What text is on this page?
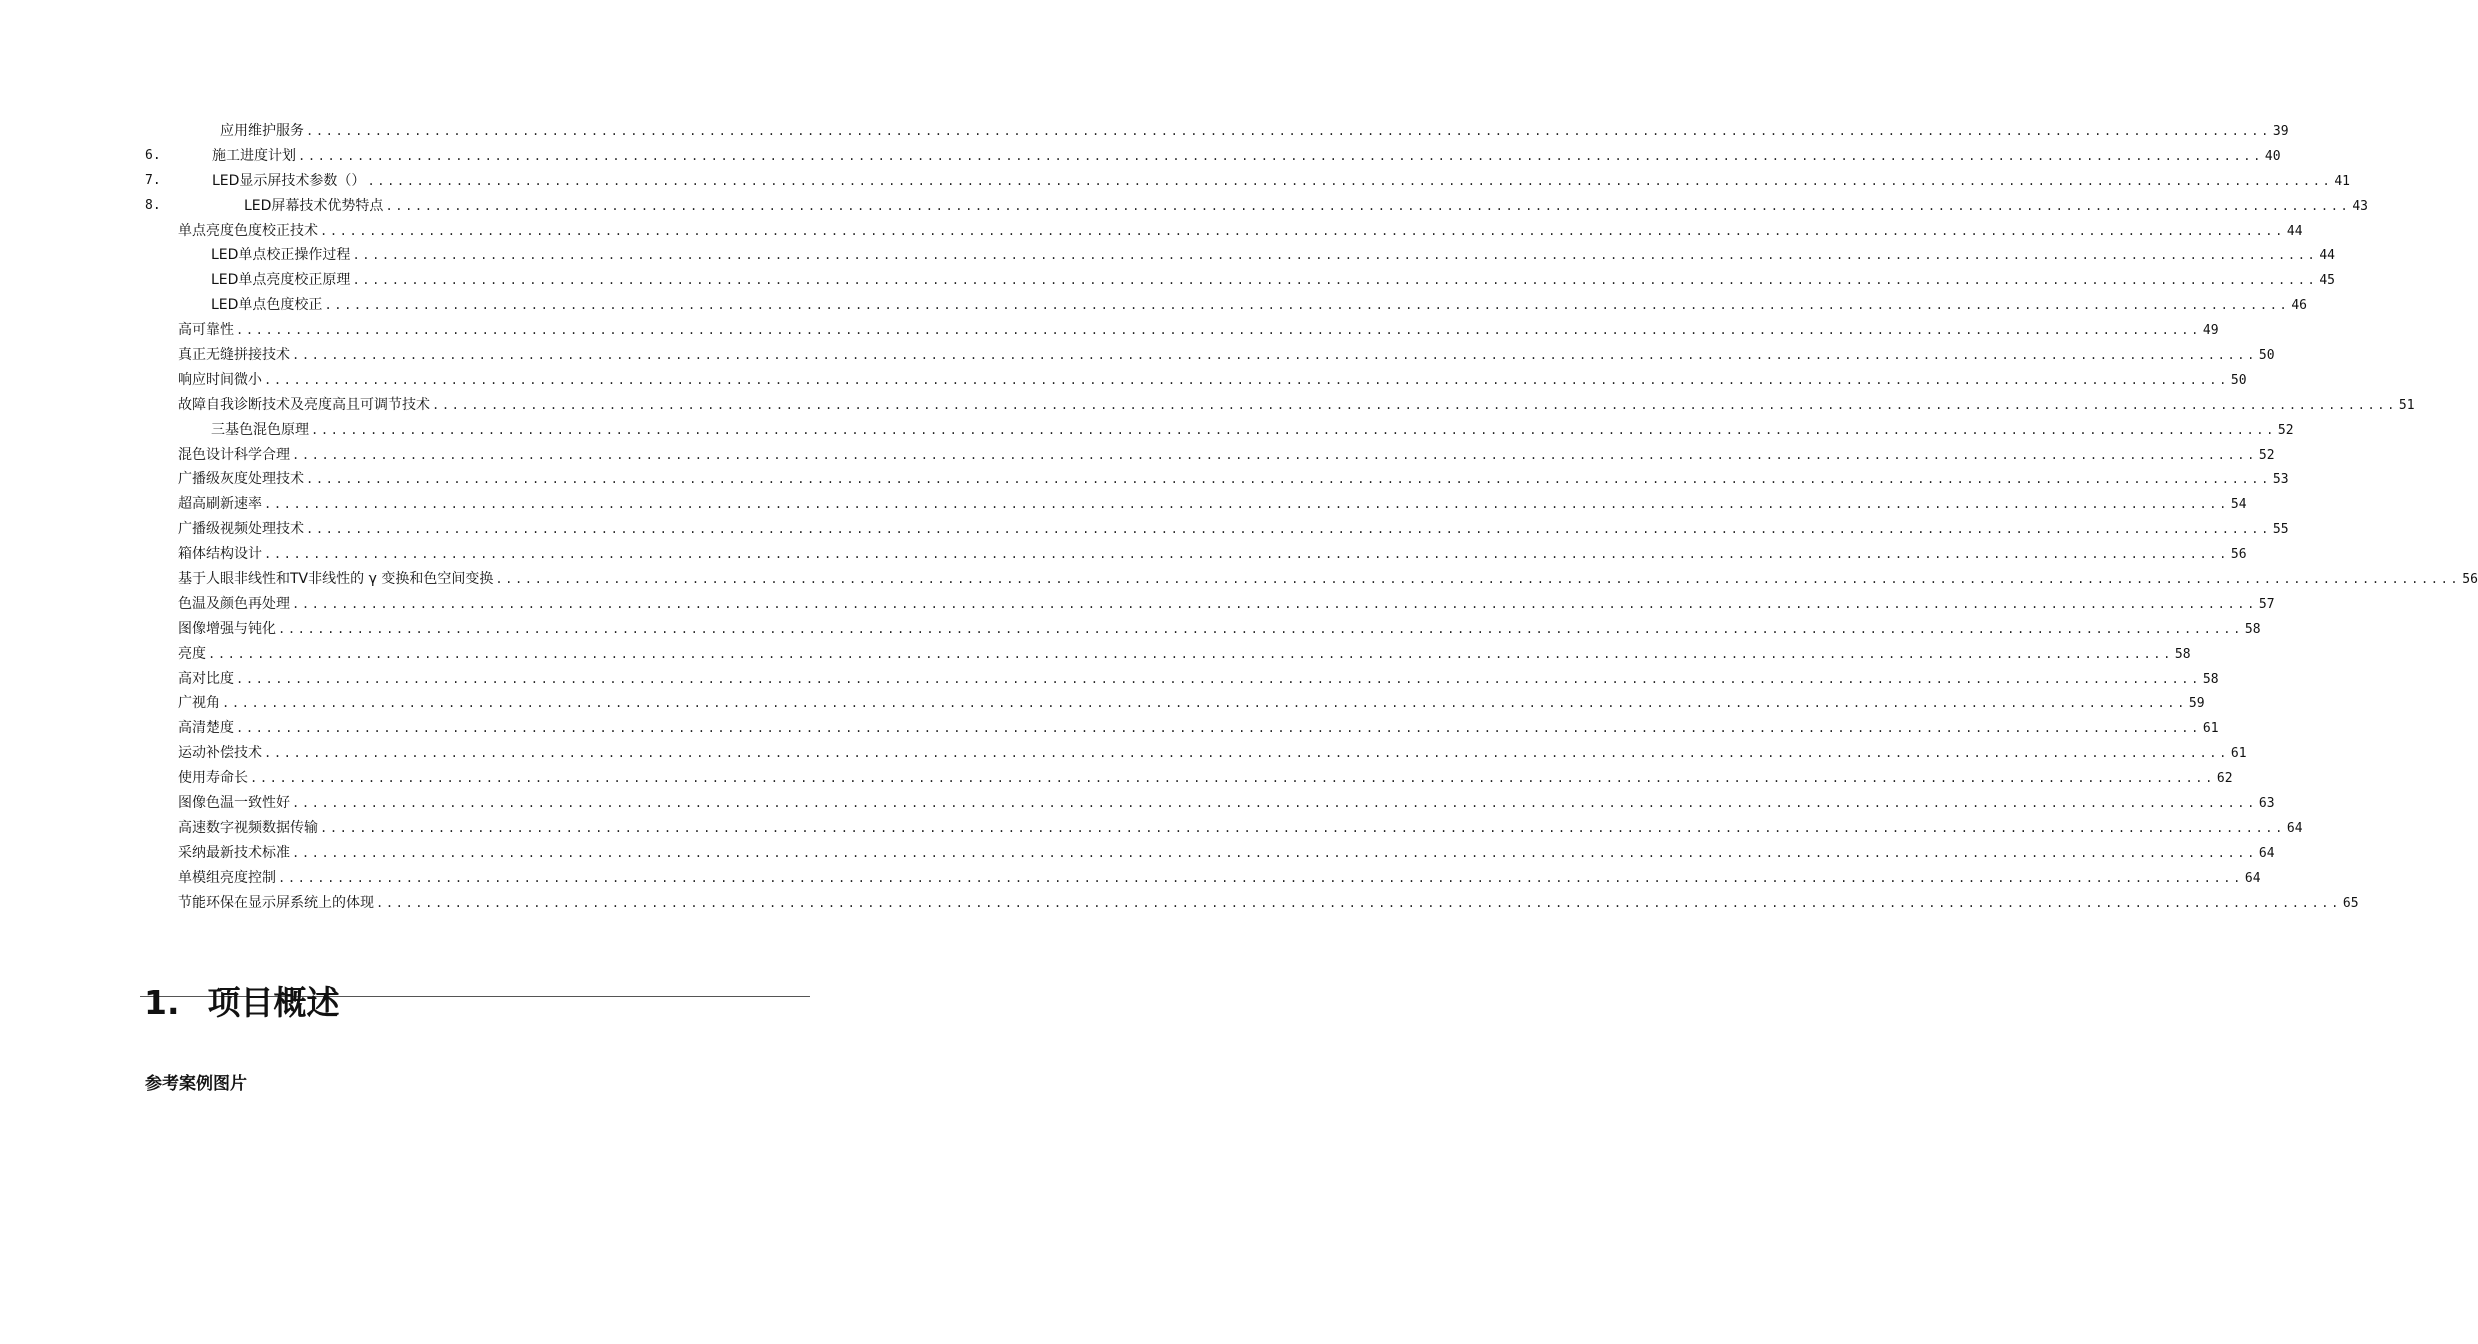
应用维护服务 ........................................................................................................................................................................................................ 39
6.	施工进度计划 ........................................................................................................................................................................................................ 40
7.	LED显示屏技术参数（） ........................................................................................................................................................................................................ 41
8.	LED屏幕技术优势特点 ........................................................................................................................................................................................................ 43
单点亮度色度校正技术 ........................................................................................................................................................................................................ 44
LED单点校正操作过程 ........................................................................................................................................................................................................ 44
LED单点亮度校正原理 ........................................................................................................................................................................................................ 45
LED单点色度校正 ........................................................................................................................................................................................................ 46
高可靠性 ........................................................................................................................................................................................................ 49
真正无缝拼接技术 ........................................................................................................................................................................................................ 50
响应时间微小 ........................................................................................................................................................................................................ 50
故障自我诊断技术及亮度高且可调节技术 ........................................................................................................................................................................................................ 51
三基色混色原理 ........................................................................................................................................................................................................ 52
混色设计科学合理 ........................................................................................................................................................................................................ 52
广播级灰度处理技术 ........................................................................................................................................................................................................ 53
超高刷新速率 ........................................................................................................................................................................................................ 54
广播级视频处理技术 ........................................................................................................................................................................................................ 55
箱体结构设计 ........................................................................................................................................................................................................ 56
基于人眼非线性和TV非线性的 γ 变换和色空间变换 ........................................................................................................................................................................................................ 56
色温及颜色再处理 ........................................................................................................................................................................................................ 57
图像增强与钝化 ........................................................................................................................................................................................................ 58
亮度 ........................................................................................................................................................................................................ 58
高对比度 ........................................................................................................................................................................................................ 58
广视角 ........................................................................................................................................................................................................ 59
高清楚度 ........................................................................................................................................................................................................ 61
运动补偿技术 ........................................................................................................................................................................................................ 61
使用寿命长 ........................................................................................................................................................................................................ 62
图像色温一致性好 ........................................................................................................................................................................................................ 63
高速数字视频数据传输 ........................................................................................................................................................................................................ 64
采纳最新技术标准 ........................................................................................................................................................................................................ 64
单模组亮度控制 ........................................................................................................................................................................................................ 64
节能环保在显示屏系统上的体现 ........................................................................................................................................................................................................ 65
1. 项目概述
参考案例图片
